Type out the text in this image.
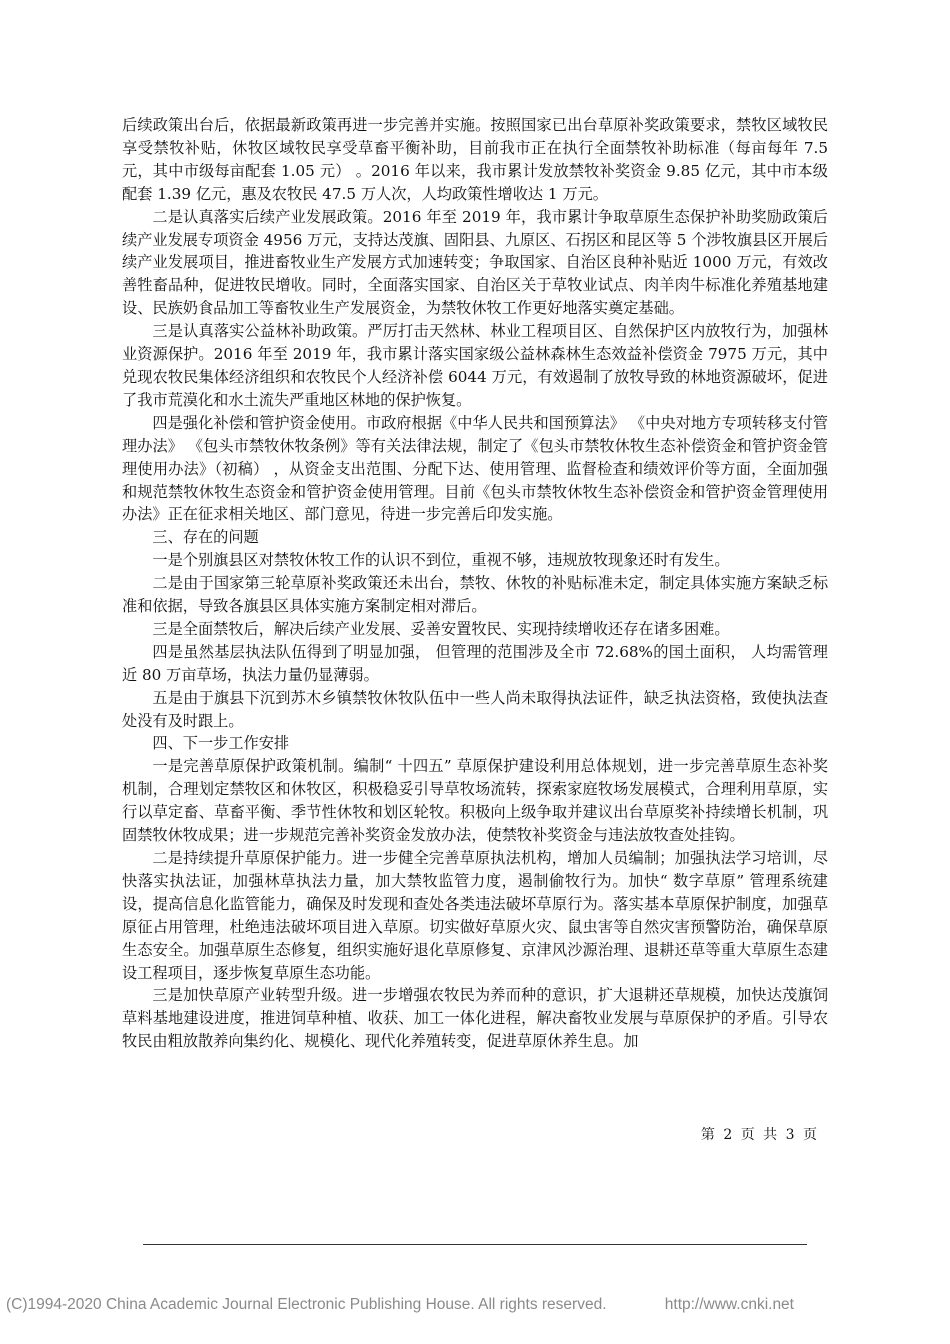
后续政策出台后，依据最新政策再进一步完善并实施。按照国家已出台草原补奖政策要求，禁牧区域牧民享受禁牧补贴，休牧区域牧民享受草畜平衡补助，目前我市正在执行全面禁牧补助标准（每亩每年 7.5 元，其中市级每亩配套 1.05 元） 。2016 年以来，我市累计发放禁牧补奖资金 9.85 亿元，其中市本级配套 1.39 亿元，惠及农牧民 47.5 万人次，人均政策性增收达 1 万元。

二是认真落实后续产业发展政策。2016 年至 2019 年，我市累计争取草原生态保护补助奖励政策后续产业发展专项资金 4956 万元，支持达茂旗、固阳县、九原区、石拐区和昆区等 5 个涉牧旗县区开展后续产业发展项目，推进畜牧业生产发展方式加速转变；争取国家、自治区良种补贴近 1000 万元，有效改善牲畜品种，促进牧民增收。同时，全面落实国家、自治区关于草牧业试点、肉羊肉牛标准化养殖基地建设、民族奶食品加工等畜牧业生产发展资金，为禁牧休牧工作更好地落实奠定基础。

三是认真落实公益林补助政策。严厉打击天然林、林业工程项目区、自然保护区内放牧行为，加强林业资源保护。2016 年至 2019 年，我市累计落实国家级公益林森林生态效益补偿资金 7975 万元，其中兑现农牧民集体经济组织和农牧民个人经济补偿 6044 万元，有效遏制了放牧导致的林地资源破坏，促进了我市荒漠化和水土流失严重地区林地的保护恢复。

四是强化补偿和管护资金使用。市政府根据《中华人民共和国预算法》 《中央对地方专项转移支付管理办法》 《包头市禁牧休牧条例》等有关法律法规，制定了《包头市禁牧休牧生态补偿资金和管护资金管理使用办法》（初稿） ，从资金支出范围、分配下达、使用管理、监督检查和绩效评价等方面，全面加强和规范禁牧休牧生态资金和管护资金使用管理。目前《包头市禁牧休牧生态补偿资金和管护资金管理使用办法》正在征求相关地区、部门意见，待进一步完善后印发实施。

三、存在的问题

一是个别旗县区对禁牧休牧工作的认识不到位，重视不够，违规放牧现象还时有发生。

二是由于国家第三轮草原补奖政策还未出台，禁牧、休牧的补贴标准未定，制定具体实施方案缺乏标准和依据，导致各旗县区具体实施方案制定相对滞后。

三是全面禁牧后，解决后续产业发展、妥善安置牧民、实现持续增收还存在诸多困难。

四是虽然基层执法队伍得到了明显加强， 但管理的范围涉及全市 72.68%的国土面积， 人均需管理近 80 万亩草场，执法力量仍显薄弱。

五是由于旗县下沉到苏木乡镇禁牧休牧队伍中一些人尚未取得执法证件，缺乏执法资格，致使执法查处没有及时跟上。

四、下一步工作安排

一是完善草原保护政策机制。编制“ 十四五” 草原保护建设利用总体规划，进一步完善草原生态补奖机制，合理划定禁牧区和休牧区，积极稳妥引导草牧场流转，探索家庭牧场发展模式，合理利用草原，实行以草定畜、草畜平衡、季节性休牧和划区轮牧。积极向上级争取并建议出台草原奖补持续增长机制，巩固禁牧休牧成果；进一步规范完善补奖资金发放办法，使禁牧补奖资金与违法放牧查处挂钩。

二是持续提升草原保护能力。进一步健全完善草原执法机构，增加人员编制；加强执法学习培训，尽快落实执法证，加强林草执法力量，加大禁牧监管力度，遏制偷牧行为。加快“ 数字草原” 管理系统建设，提高信息化监管能力，确保及时发现和查处各类违法破坏草原行为。落实基本草原保护制度，加强草原征占用管理，杜绝违法破坏项目进入草原。切实做好草原火灾、鼠虫害等自然灾害预警防治，确保草原生态安全。加强草原生态修复，组织实施好退化草原修复、京津风沙源治理、退耕还草等重大草原生态建设工程项目，逐步恢复草原生态功能。

三是加快草原产业转型升级。进一步增强农牧民为养而种的意识，扩大退耕还草规模，加快达茂旗饲草料基地建设进度，推进饲草种植、收获、加工一体化进程，解决畜牧业发展与草原保护的矛盾。引导农牧民由粗放散养向集约化、规模化、现代化养殖转变，促进草原休养生息。加

第 2 页 共 3 页
(C)1994-2020 China Academic Journal Electronic Publishing House. All rights reserved.	http://www.cnki.net
